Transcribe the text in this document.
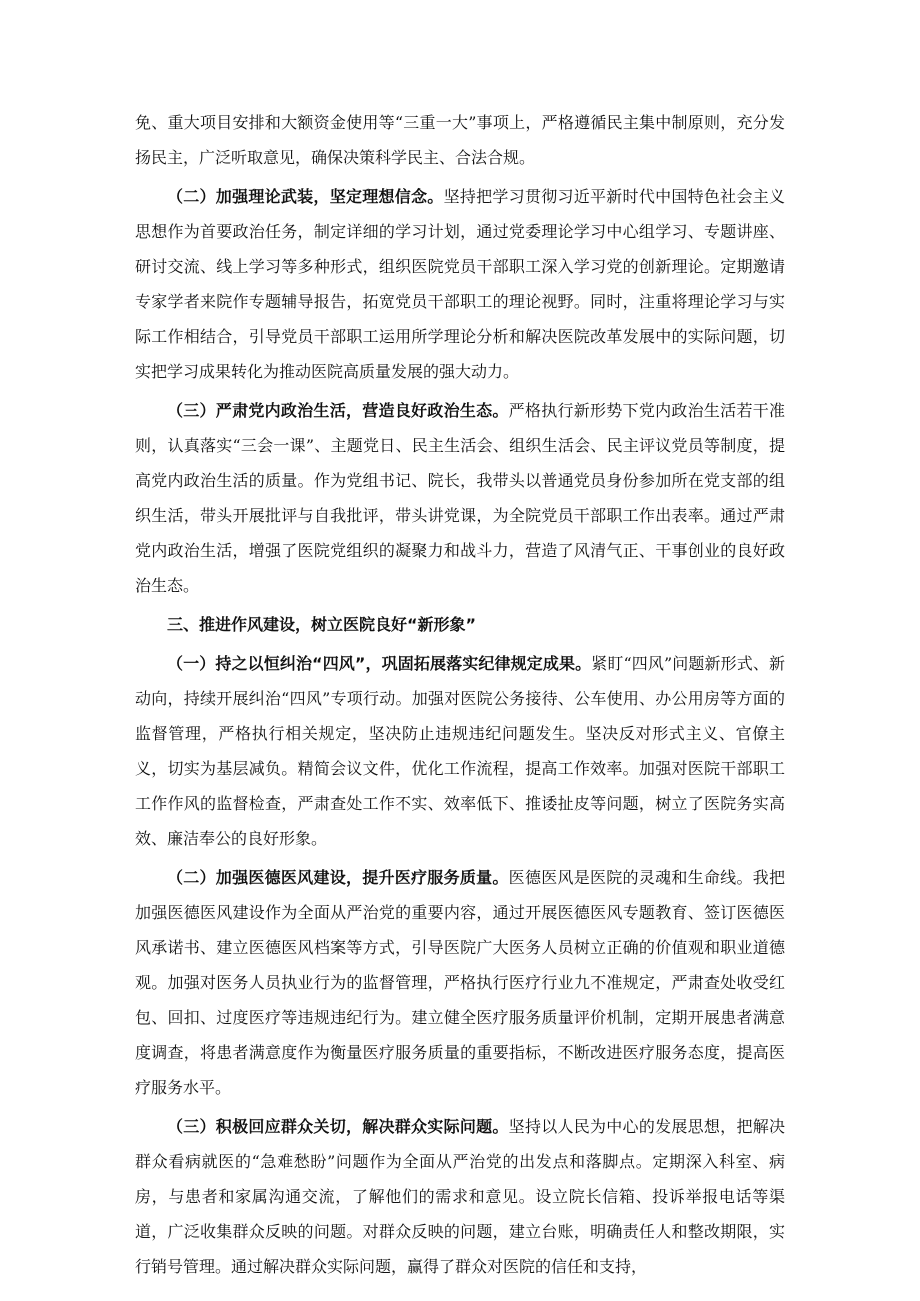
免、重大项目安排和大额资金使用等“三重一大”事项上，严格遵循民主集中制原则，充分发扬民主，广泛听取意见，确保决策科学民主、合法合规。

（二）加强理论武装，坚定理想信念。坚持把学习贯彻习近平新时代中国特色社会主义思想作为首要政治任务，制定详细的学习计划，通过党委理论学习中心组学习、专题讲座、研讨交流、线上学习等多种形式，组织医院党员干部职工深入学习党的创新理论。定期邀请专家学者来院作专题辅导报告，拓宽党员干部职工的理论视野。同时，注重将理论学习与实际工作相结合，引导党员干部职工运用所学理论分析和解决医院改革发展中的实际问题，切实把学习成果转化为推动医院高质量发展的强大动力。

（三）严肃党内政治生活，营造良好政治生态。严格执行新形势下党内政治生活若干准则，认真落实“三会一课”、主题党日、民主生活会、组织生活会、民主评议党员等制度，提高党内政治生活的质量。作为党组书记、院长，我带头以普通党员身份参加所在党支部的组织生活，带头开展批评与自我批评，带头讲党课，为全院党员干部职工作出表率。通过严肃党内政治生活，增强了医院党组织的凝聚力和战斗力，营造了风清气正、干事创业的良好政治生态。

三、推进作风建设，树立医院良好“新形象”

（一）持之以恒纠治“四风”，巩固拓展落实纪律规定成果。紧盯“四风”问题新形式、新动向，持续开展纠治“四风”专项行动。加强对医院公务接待、公车使用、办公用房等方面的监督管理，严格执行相关规定，坚决防止违规违纪问题发生。坚决反对形式主义、官僚主义，切实为基层减负。精简会议文件，优化工作流程，提高工作效率。加强对医院干部职工工作作风的监督检查，严肃查处工作不实、效率低下、推诿扯皮等问题，树立了医院务实高效、廉洁奉公的良好形象。

（二）加强医德医风建设，提升医疗服务质量。医德医风是医院的灵魂和生命线。我把加强医德医风建设作为全面从严治党的重要内容，通过开展医德医风专题教育、签订医德医风承诺书、建立医德医风档案等方式，引导医院广大医务人员树立正确的价值观和职业道德观。加强对医务人员执业行为的监督管理，严格执行医疗行业九不准规定，严肃查处收受红包、回扣、过度医疗等违规违纪行为。建立健全医疗服务质量评价机制，定期开展患者满意度调查，将患者满意度作为衡量医疗服务质量的重要指标，不断改进医疗服务态度，提高医疗服务水平。

（三）积极回应群众关切，解决群众实际问题。坚持以人民为中心的发展思想，把解决群众看病就医的“急难愁盼”问题作为全面从严治党的出发点和落脚点。定期深入科室、病房，与患者和家属沟通交流，了解他们的需求和意见。设立院长信箱、投诉举报电话等渠道，广泛收集群众反映的问题。对群众反映的问题，建立台账，明确责任人和整改期限，实行销号管理。通过解决群众实际问题，赢得了群众对医院的信任和支持，
